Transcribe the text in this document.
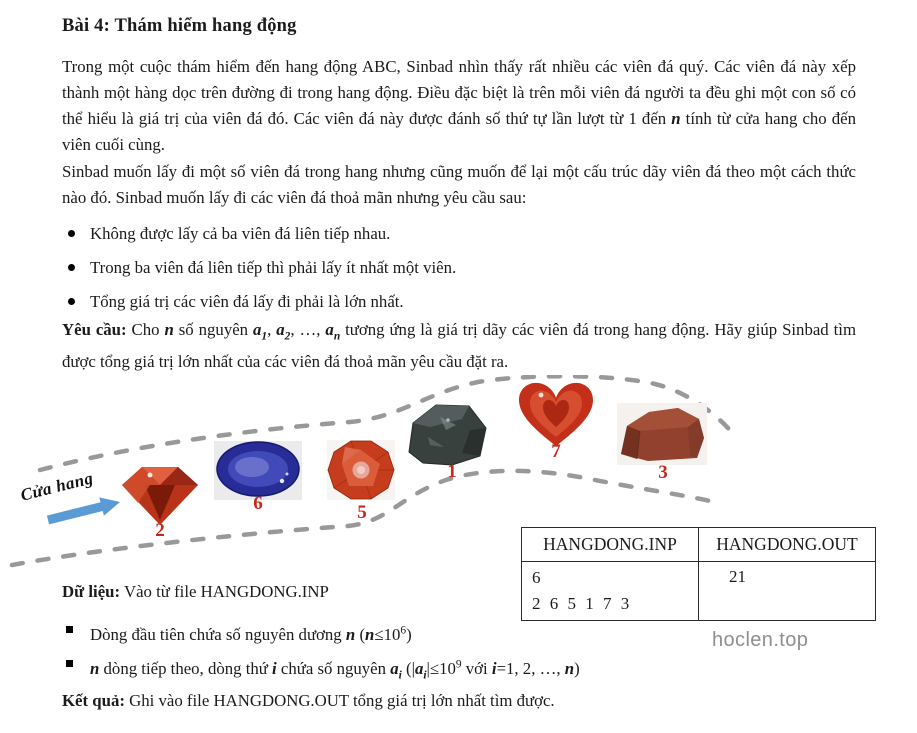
Bài 4: Thám hiểm hang động

Trong một cuộc thám hiểm đến hang động ABC, Sinbad nhìn thấy rất nhiều các viên đá quý. Các viên đá này xếp thành một hàng dọc trên đường đi trong hang động. Điều đặc biệt là trên mỗi viên đá người ta đều ghi một con số có thể hiểu là giá trị của viên đá đó. Các viên đá này được đánh số thứ tự lần lượt từ 1 đến n tính từ cửa hang cho đến viên cuối cùng.

Sinbad muốn lấy đi một số viên đá trong hang nhưng cũng muốn để lại một cấu trúc dãy viên đá theo một cách thức nào đó. Sinbad muốn lấy đi các viên đá thoả mãn nhưng yêu cầu sau:

Không được lấy cả ba viên đá liên tiếp nhau.
Trong ba viên đá liên tiếp thì phải lấy ít nhất một viên.
Tổng giá trị các viên đá lấy đi phải là lớn nhất.

Yêu cầu: Cho n số nguyên $a_1$, $a_2$, …, $a_n$ tương ứng là giá trị dãy các viên đá trong hang động. Hãy giúp Sinbad tìm được tổng giá trị lớn nhất của các viên đá thoả mãn yêu cầu đặt ra.

Cửa hang
2
6	5
1
7
3

Dữ liệu: Vào từ file HANGDONG.INP

Dòng đầu tiên chứa số nguyên dương n $(n\le 10^6)$
n dòng tiếp theo, dòng thứ i chứa số nguyên $a_i$ ($|a_i|\le 10^9$ với i=1, 2, …, n)

Kết quả: Ghi vào file HANGDONG.OUT tổng giá trị lớn nhất tìm được.

HANGDONG.INP	HANGDONG.OUT

6
2 6 5 1 7 3	21
hoclen.top
